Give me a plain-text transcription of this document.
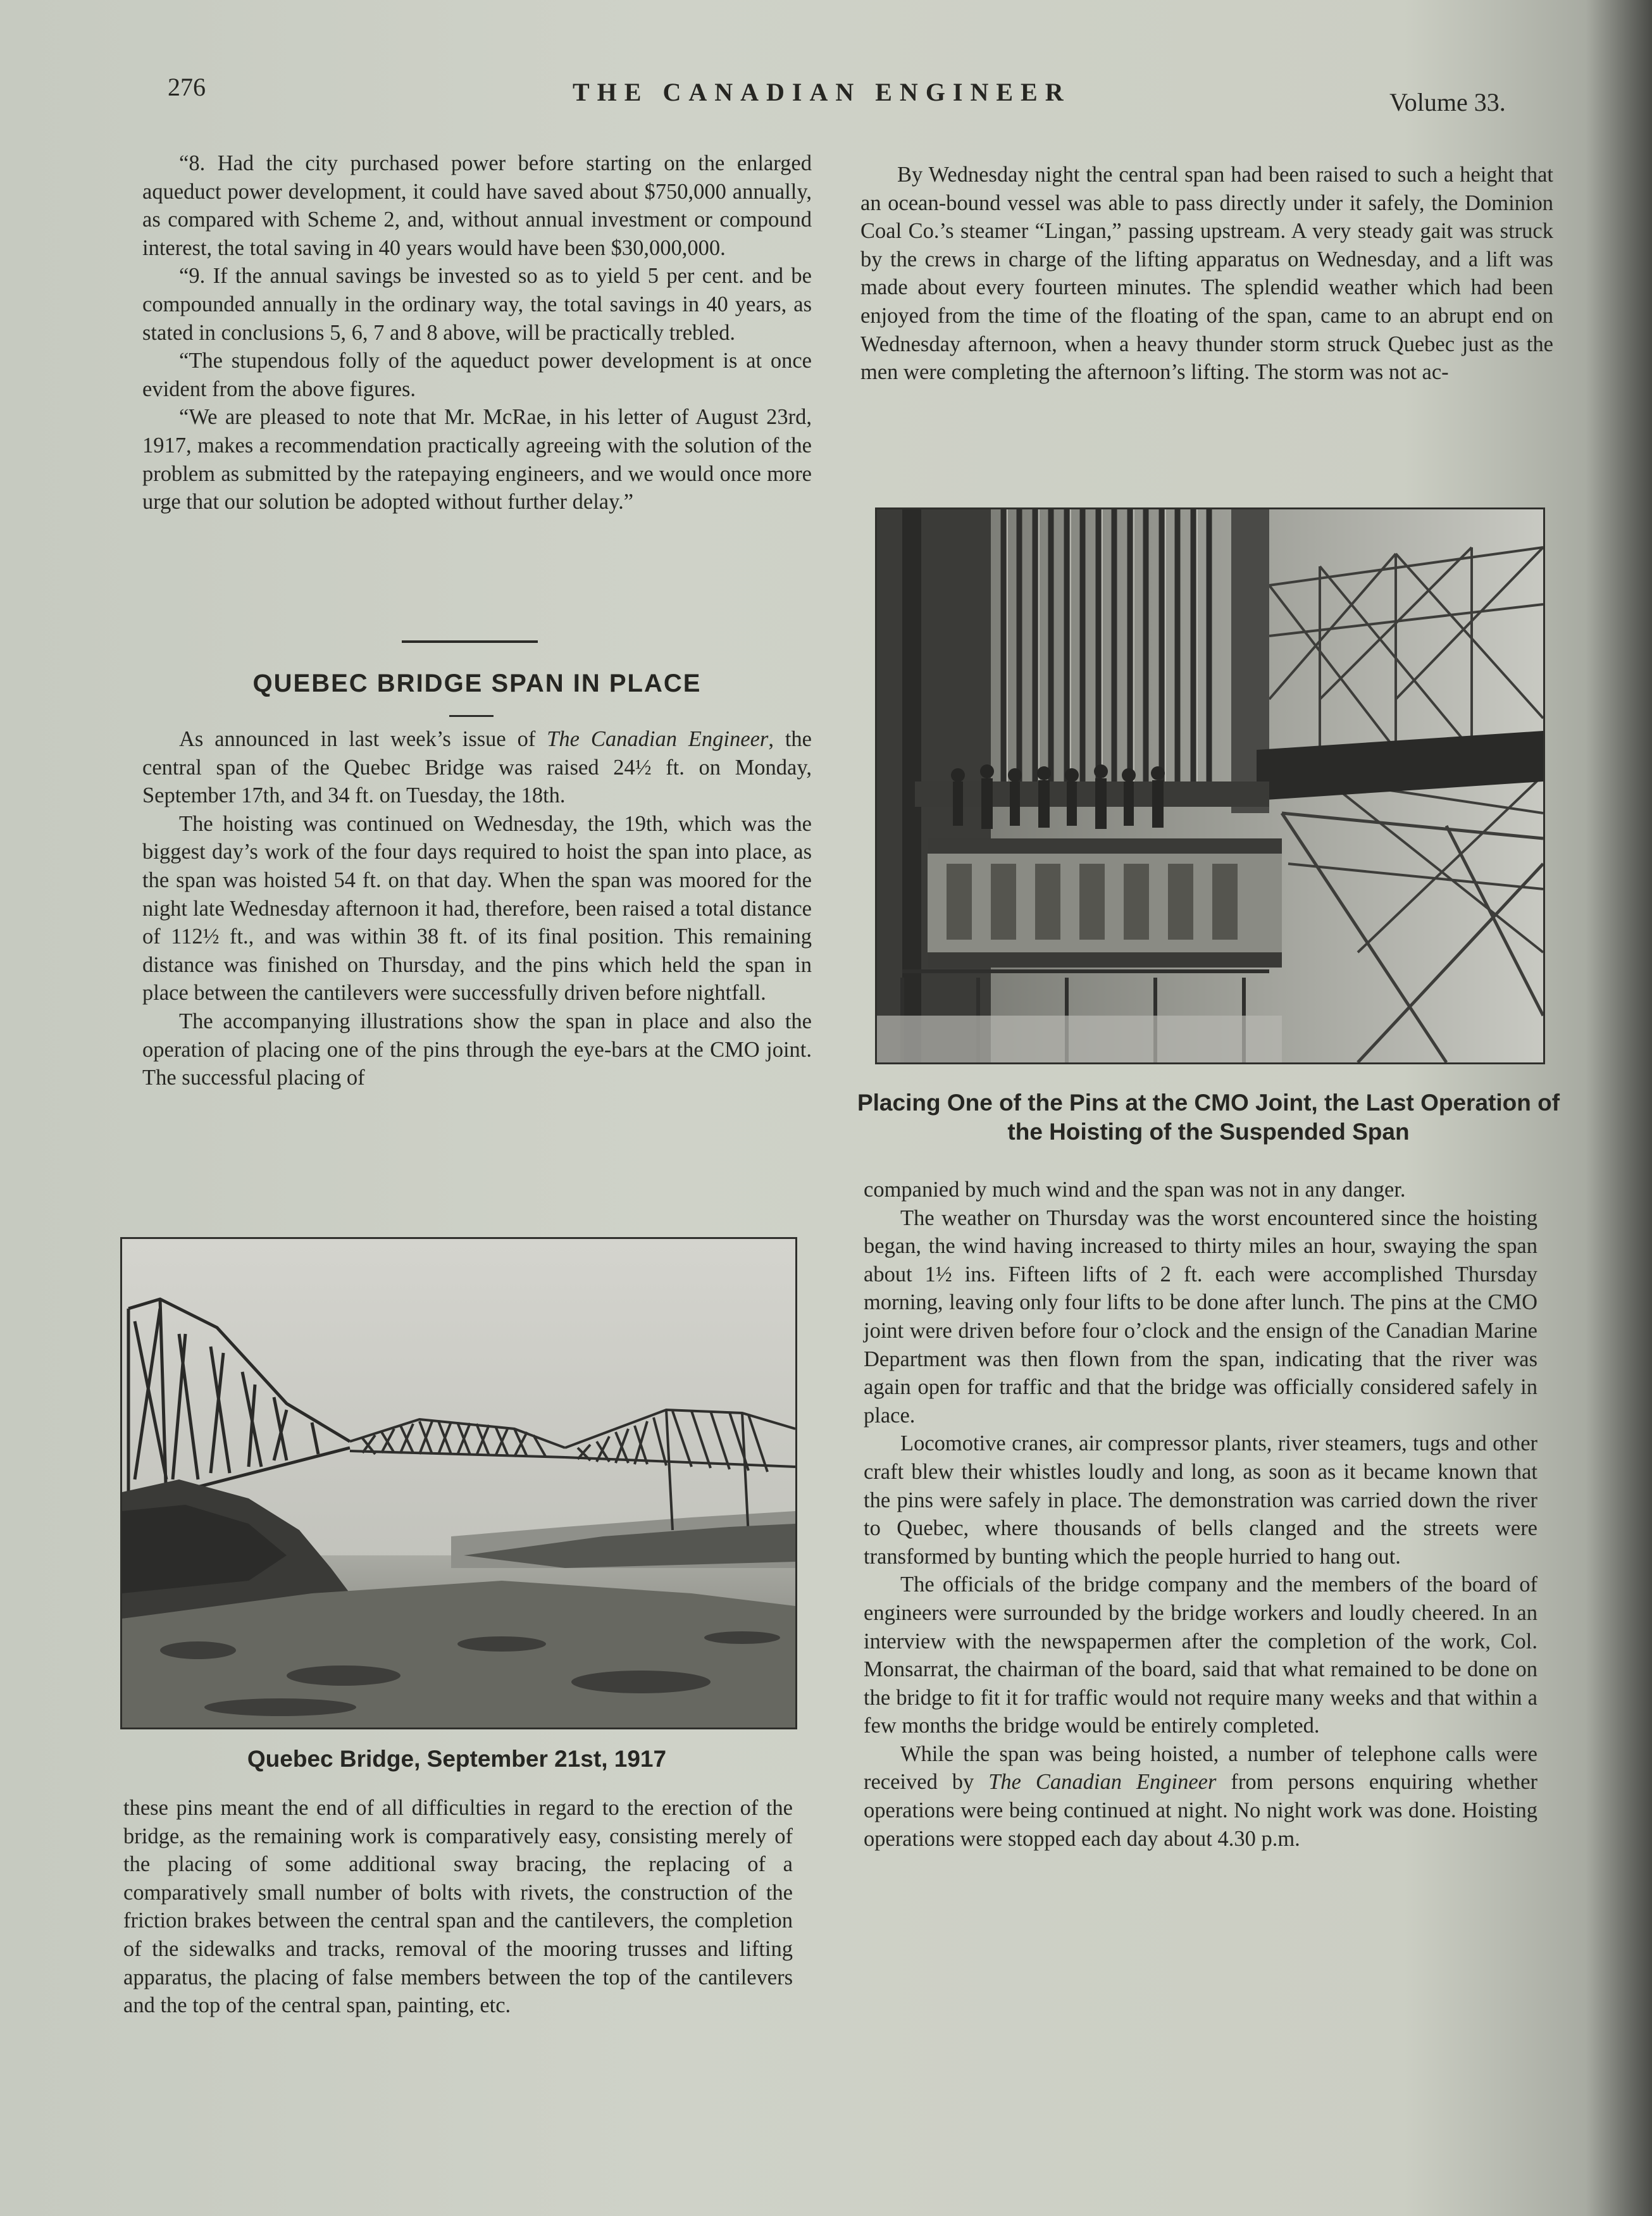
276	THE CANADIAN ENGINEER	Volume 33.

“8. Had the city purchased power before starting on the enlarged aqueduct power development, it could have saved about $750,000 annually, as compared with Scheme 2, and, without annual investment or compound interest, the total saving in 40 years would have been $30,000,000.

“9. If the annual savings be invested so as to yield 5 per cent. and be compounded annually in the ordinary way, the total savings in 40 years, as stated in conclusions 5, 6, 7 and 8 above, will be practically trebled.

“The stupendous folly of the aqueduct power development is at once evident from the above figures.

“We are pleased to note that Mr. McRae, in his letter of August 23rd, 1917, makes a recommendation practically agreeing with the solution of the problem as submitted by the ratepaying engineers, and we would once more urge that our solution be adopted without further delay.”

QUEBEC BRIDGE SPAN IN PLACE

As announced in last week’s issue of The Canadian Engineer, the central span of the Quebec Bridge was raised 24½ ft. on Monday, September 17th, and 34 ft. on Tuesday, the 18th.

The hoisting was continued on Wednesday, the 19th, which was the biggest day’s work of the four days required to hoist the span into place, as the span was hoisted 54 ft. on that day. When the span was moored for the night late Wednesday afternoon it had, therefore, been raised a total distance of 112½ ft., and was within 38 ft. of its final position. This remaining distance was finished on Thursday, and the pins which held the span in place between the cantilevers were successfully driven before nightfall.

The accompanying illustrations show the span in place and also the operation of placing one of the pins through the eye-bars at the CMO joint. The successful placing of

Quebec Bridge, September 21st, 1917

these pins meant the end of all difficulties in regard to the erection of the bridge, as the remaining work is comparatively easy, consisting merely of the placing of some additional sway bracing, the replacing of a comparatively small number of bolts with rivets, the construction of the friction brakes between the central span and the cantilevers, the completion of the sidewalks and tracks, removal of the mooring trusses and lifting apparatus, the placing of false members between the top of the cantilevers and the top of the central span, painting, etc.

By Wednesday night the central span had been raised to such a height that an ocean-bound vessel was able to pass directly under it safely, the Dominion Coal Co.’s steamer “Lingan,” passing upstream. A very steady gait was struck by the crews in charge of the lifting apparatus on Wednesday, and a lift was made about every fourteen minutes. The splendid weather which had been enjoyed from the time of the floating of the span, came to an abrupt end on Wednesday afternoon, when a heavy thunder storm struck Quebec just as the men were completing the afternoon’s lifting. The storm was not ac-

Placing One of the Pins at the CMO Joint, the Last Operation of the Hoisting of the Suspended Span

companied by much wind and the span was not in any danger.

The weather on Thursday was the worst encountered since the hoisting began, the wind having increased to thirty miles an hour, swaying the span about 1½ ins. Fifteen lifts of 2 ft. each were accomplished Thursday morning, leaving only four lifts to be done after lunch. The pins at the CMO joint were driven before four o’clock and the ensign of the Canadian Marine Department was then flown from the span, indicating that the river was again open for traffic and that the bridge was officially considered safely in place.

Locomotive cranes, air compressor plants, river steamers, tugs and other craft blew their whistles loudly and long, as soon as it became known that the pins were safely in place. The demonstration was carried down the river to Quebec, where thousands of bells clanged and the streets were transformed by bunting which the people hurried to hang out.

The officials of the bridge company and the members of the board of engineers were surrounded by the bridge workers and loudly cheered. In an interview with the newspapermen after the completion of the work, Col. Monsarrat, the chairman of the board, said that what remained to be done on the bridge to fit it for traffic would not require many weeks and that within a few months the bridge would be entirely completed.

While the span was being hoisted, a number of telephone calls were received by The Canadian Engineer from persons enquiring whether operations were being continued at night. No night work was done. Hoisting operations were stopped each day about 4.30 p.m.
